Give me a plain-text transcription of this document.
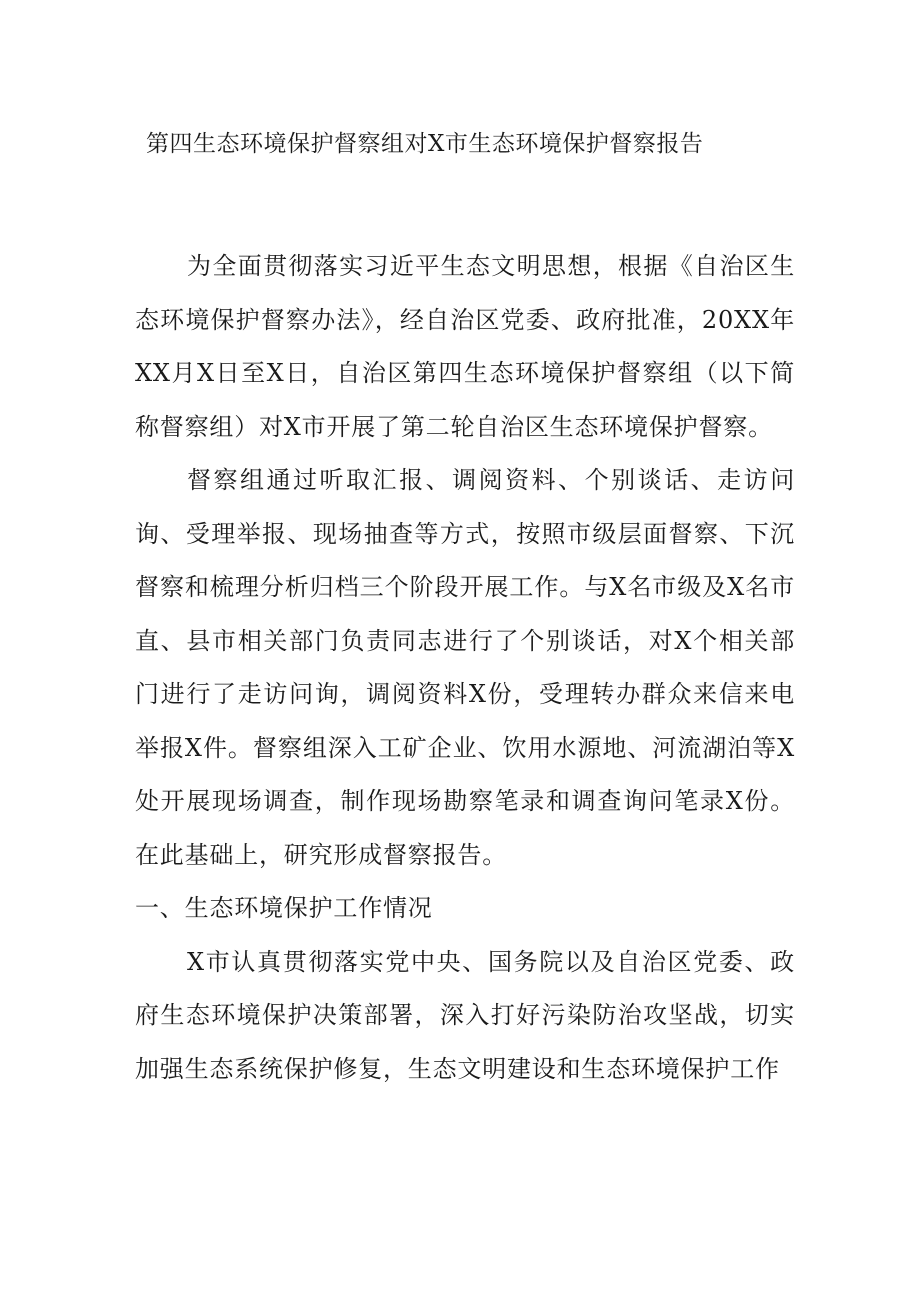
第四生态环境保护督察组对X市生态环境保护督察报告

为全面贯彻落实习近平生态文明思想，根据《自治区生态环境保护督察办法》，经自治区党委、政府批准，20XX年XX月X日至X日，自治区第四生态环境保护督察组（以下简称督察组）对X市开展了第二轮自治区生态环境保护督察。

督察组通过听取汇报、调阅资料、个别谈话、走访问询、受理举报、现场抽查等方式，按照市级层面督察、下沉督察和梳理分析归档三个阶段开展工作。与X名市级及X名市直、县市相关部门负责同志进行了个别谈话，对X个相关部门进行了走访问询，调阅资料X份，受理转办群众来信来电举报X件。督察组深入工矿企业、饮用水源地、河流湖泊等X处开展现场调查，制作现场勘察笔录和调查询问笔录X份。在此基础上，研究形成督察报告。

一、生态环境保护工作情况

X市认真贯彻落实党中央、国务院以及自治区党委、政府生态环境保护决策部署，深入打好污染防治攻坚战，切实加强生态系统保护修复，生态文明建设和生态环境保护工作
